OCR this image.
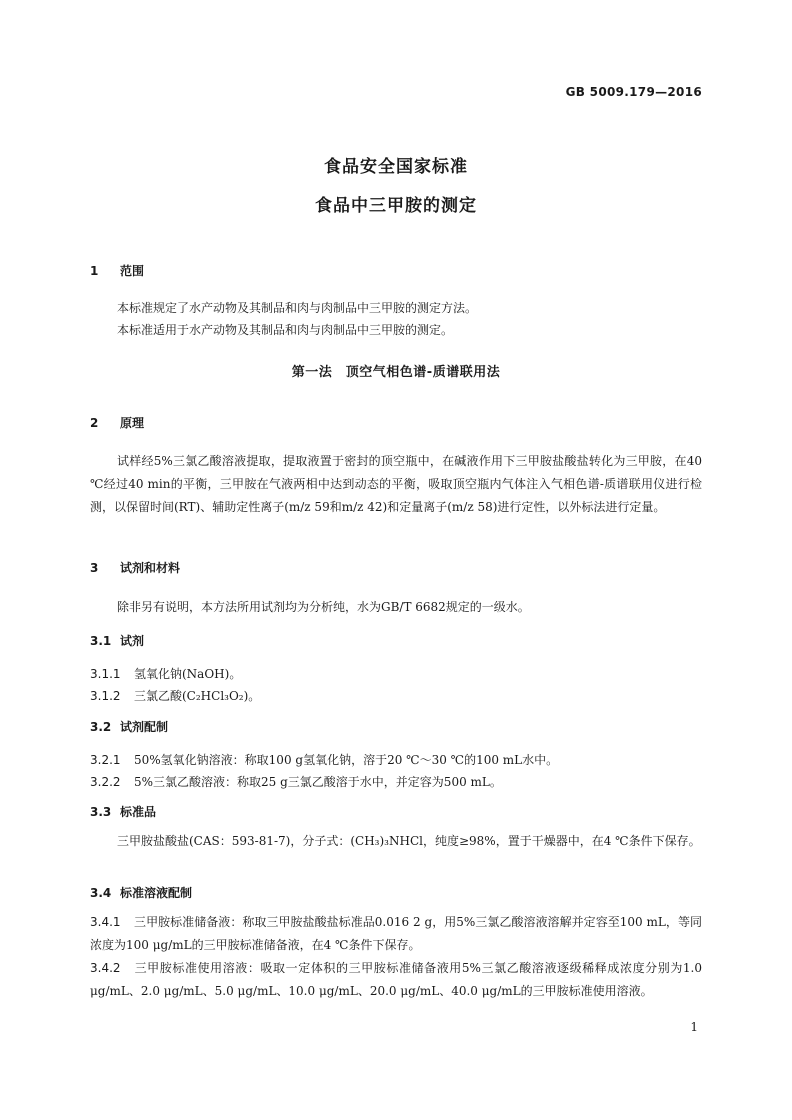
GB 5009.179—2016
食品安全国家标准
食品中三甲胺的测定
1 范围
本标准规定了水产动物及其制品和肉与肉制品中三甲胺的测定方法。
本标准适用于水产动物及其制品和肉与肉制品中三甲胺的测定。
第一法　顶空气相色谱-质谱联用法
2 原理

试样经5%三氯乙酸溶液提取，提取液置于密封的顶空瓶中，在碱液作用下三甲胺盐酸盐转化为三甲胺，在40 ℃经过40 min的平衡，三甲胺在气液两相中达到动态的平衡，吸取顶空瓶内气体注入气相色谱-质谱联用仪进行检测，以保留时间(RT)、辅助定性离子(m/z 59和m/z 42)和定量离子(m/z 58)进行定性，以外标法进行定量。

3 试剂和材料

除非另有说明，本方法所用试剂均为分析纯，水为GB/T 6682规定的一级水。

3.1 试剂
3.1.1 氢氧化钠(NaOH)。
3.1.2 三氯乙酸(C₂HCl₃O₂)。
3.2 试剂配制
3.2.1 50%氢氧化钠溶液：称取100 g氢氧化钠，溶于20 ℃～30 ℃的100 mL水中。
3.2.2 5%三氯乙酸溶液：称取25 g三氯乙酸溶于水中，并定容为500 mL。
3.3 标准品

三甲胺盐酸盐(CAS：593-81-7)，分子式：(CH₃)₃NHCl，纯度≥98%，置于干燥器中，在4 ℃条件下保存。

3.4 标准溶液配制

3.4.1 三甲胺标准储备液：称取三甲胺盐酸盐标准品0.016 2 g，用5%三氯乙酸溶液溶解并定容至100 mL，等同浓度为100 μg/mL的三甲胺标准储备液，在4 ℃条件下保存。

3.4.2 三甲胺标准使用溶液：吸取一定体积的三甲胺标准储备液用5%三氯乙酸溶液逐级稀释成浓度分别为1.0 μg/mL、2.0 μg/mL、5.0 μg/mL、10.0 μg/mL、20.0 μg/mL、40.0 μg/mL的三甲胺标准使用溶液。

1
